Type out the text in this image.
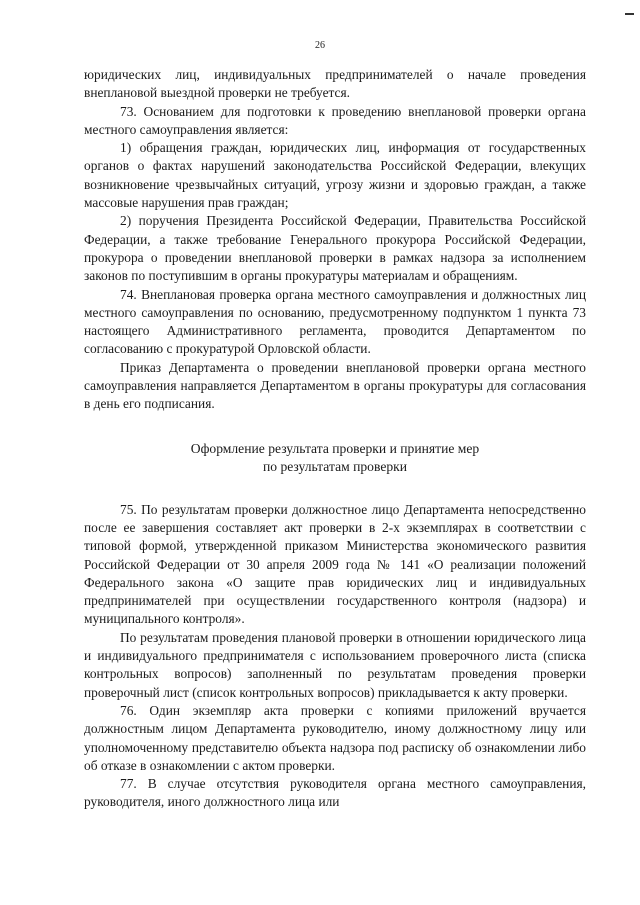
26

юридических лиц, индивидуальных предпринимателей о начале проведения внеплановой выездной проверки не требуется.

73. Основанием для подготовки к проведению внеплановой проверки органа местного самоуправления является:

1) обращения граждан, юридических лиц, информация от государственных органов о фактах нарушений законодательства Российской Федерации, влекущих возникновение чрезвычайных ситуаций, угрозу жизни и здоровью граждан, а также массовые нарушения прав граждан;

2) поручения Президента Российской Федерации, Правительства Российской Федерации, а также требование Генерального прокурора Российской Федерации, прокурора о проведении внеплановой проверки в рамках надзора за исполнением законов по поступившим в органы прокуратуры материалам и обращениям.

74. Внеплановая проверка органа местного самоуправления и должностных лиц местного самоуправления по основанию, предусмотренному подпунктом 1 пункта 73 настоящего Административного регламента, проводится Департаментом по согласованию с прокуратурой Орловской области.

Приказ Департамента о проведении внеплановой проверки органа местного самоуправления направляется Департаментом в органы прокуратуры для согласования в день его подписания.

Оформление результата проверки и принятие мер
по результатам проверки

75. По результатам проверки должностное лицо Департамента непосредственно после ее завершения составляет акт проверки в 2-х экземплярах в соответствии с типовой формой, утвержденной приказом Министерства экономического развития Российской Федерации от 30 апреля 2009 года № 141 «О реализации положений Федерального закона «О защите прав юридических лиц и индивидуальных предпринимателей при осуществлении государственного контроля (надзора) и муниципального контроля».

По результатам проведения плановой проверки в отношении юридического лица и индивидуального предпринимателя с использованием проверочного листа (списка контрольных вопросов) заполненный по результатам проведения проверки проверочный лист (список контрольных вопросов) прикладывается к акту проверки.

76. Один экземпляр акта проверки с копиями приложений вручается должностным лицом Департамента руководителю, иному должностному лицу или уполномоченному представителю объекта надзора под расписку об ознакомлении либо об отказе в ознакомлении с актом проверки.

77. В случае отсутствия руководителя органа местного самоуправления, руководителя, иного должностного лица или
